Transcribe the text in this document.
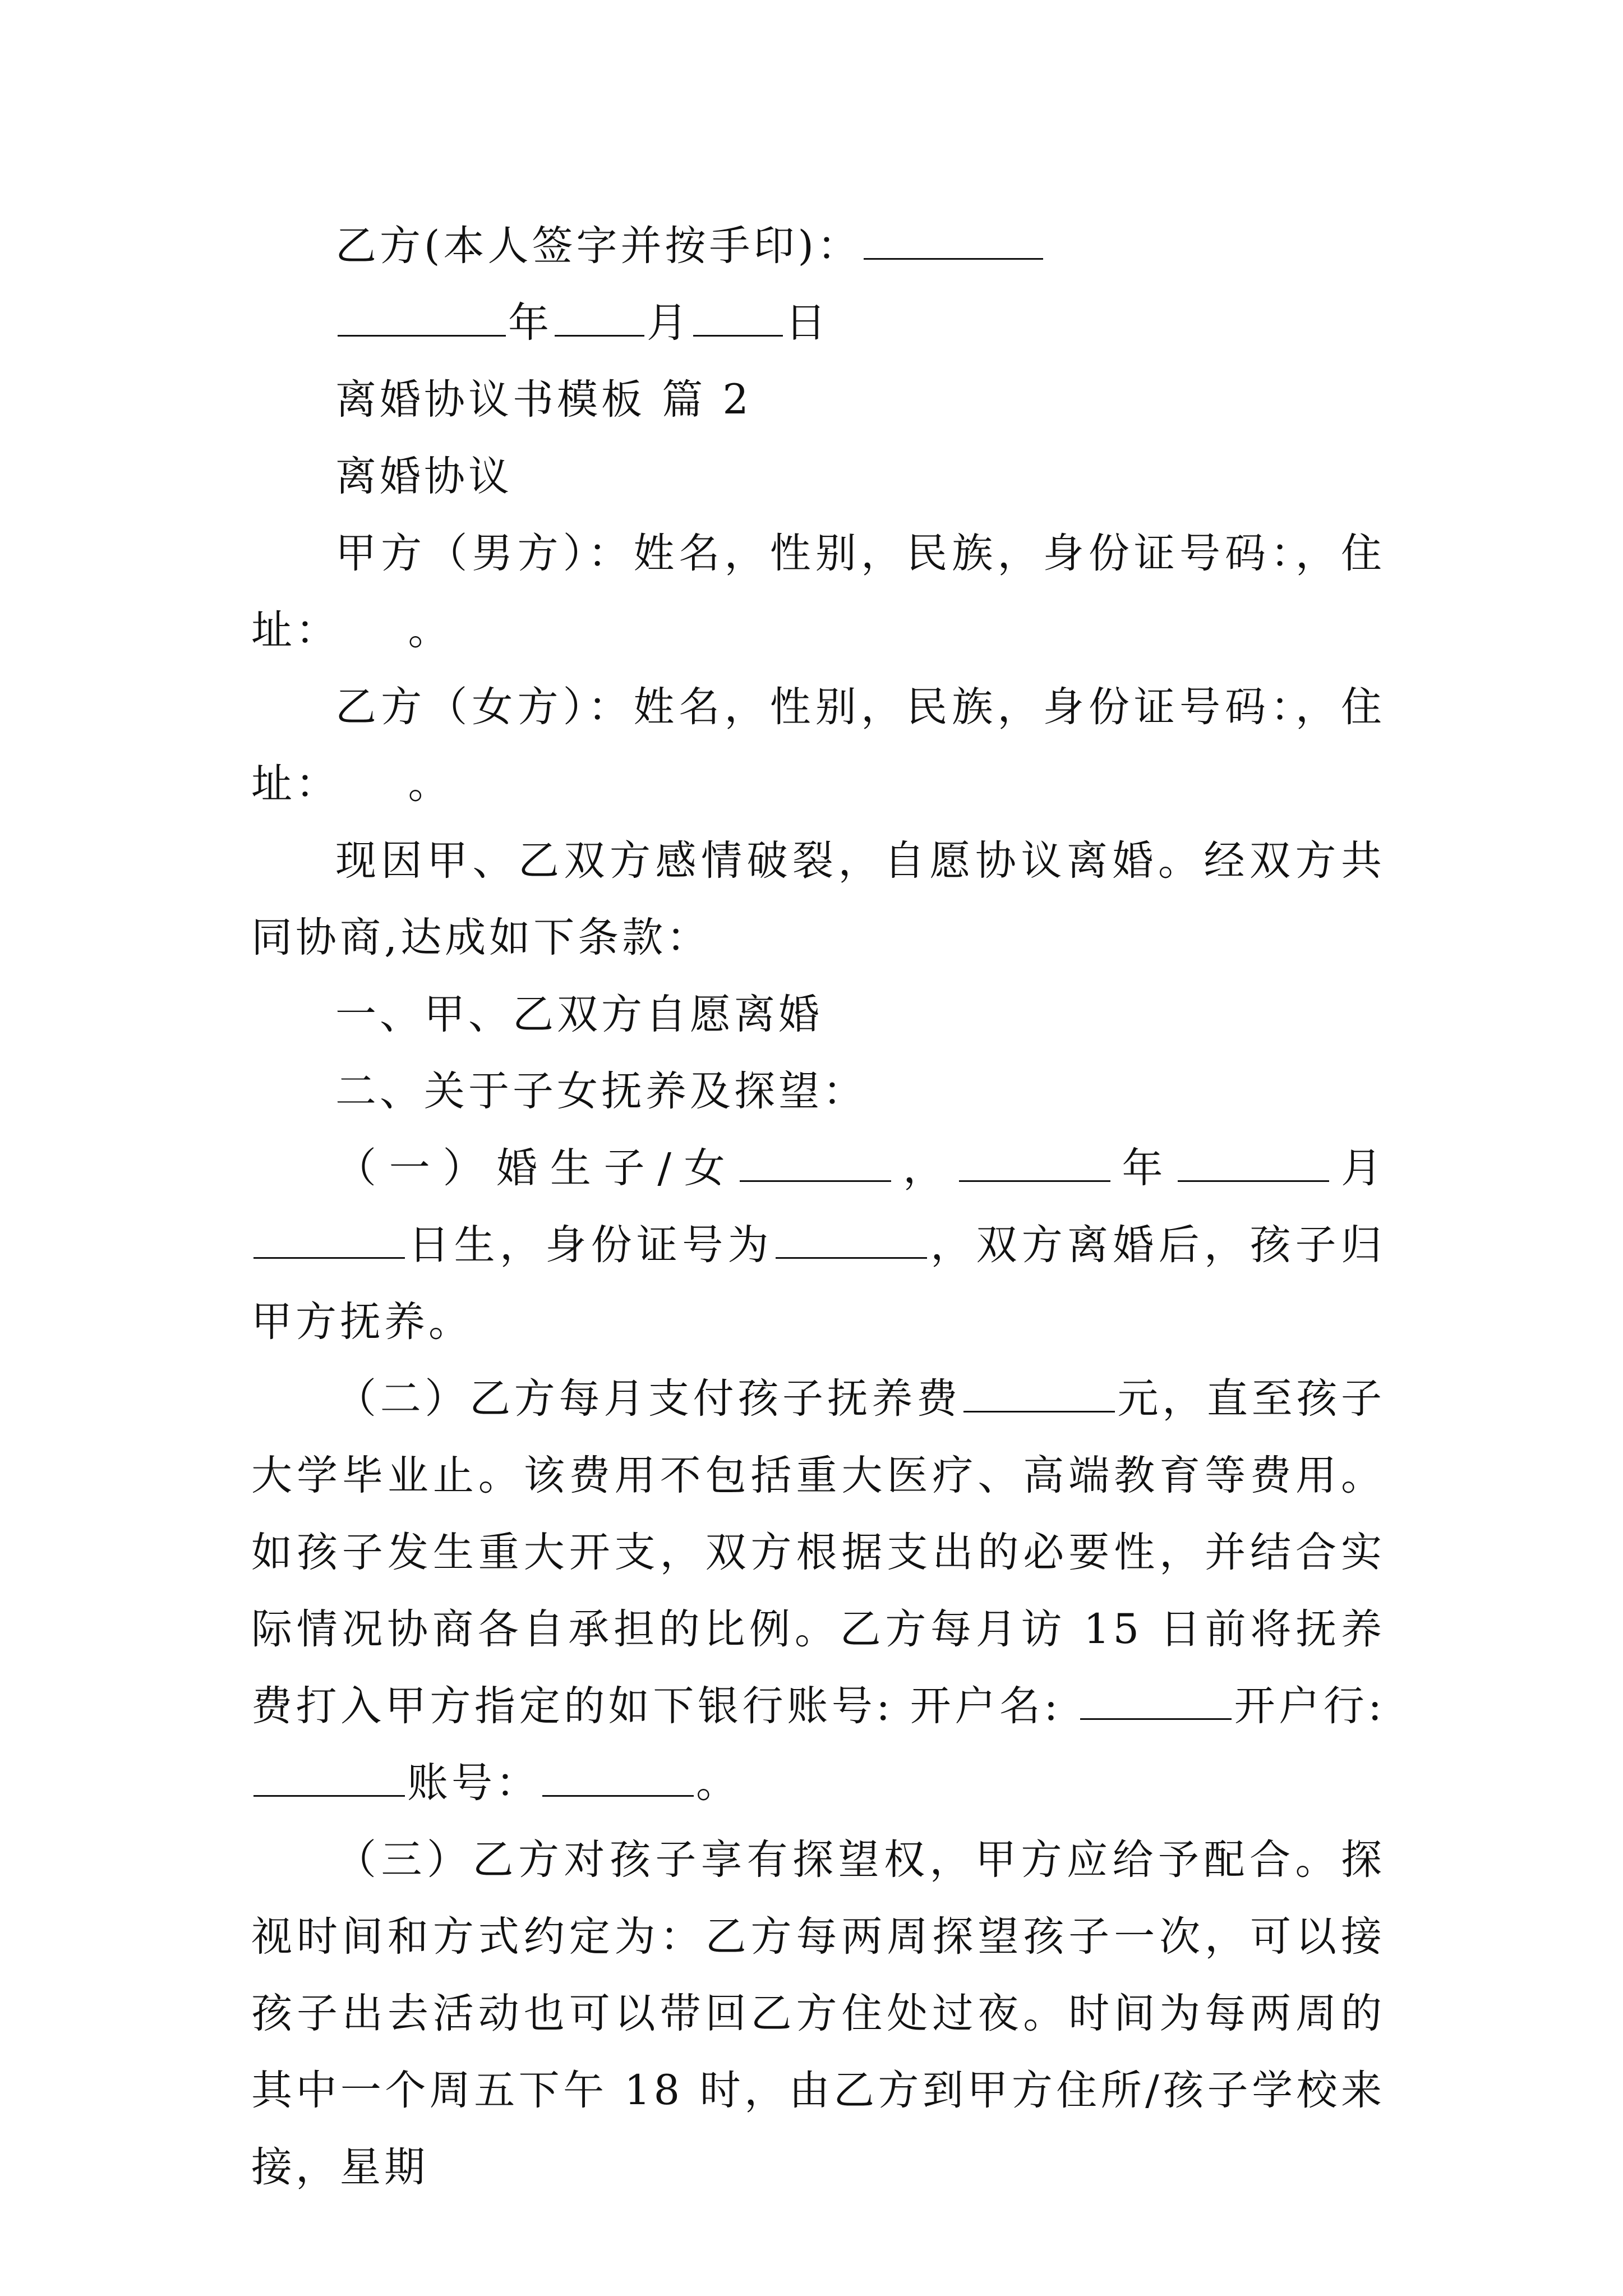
乙方(本人签字并按手印)：

年 月 日

离婚协议书模板 篇 2

离婚协议

甲方（男方）：姓名，性别，民族，身份证号码：，住址：　　。

乙方（女方）：姓名，性别，民族，身份证号码：，住址：　　。

现因甲、乙双方感情破裂，自愿协议离婚。经双方共同协商,达成如下条款：

一、甲、乙双方自愿离婚

二、关于子女抚养及探望：

（一）婚生子/女	，	年	月日生，身份证号为	，双方离婚后，孩子归甲方抚养。

（二）乙方每月支付孩子抚养费	元，直至孩子大学毕业止。该费用不包括重大医疗、高端教育等费用。如孩子发生重大开支，双方根据支出的必要性，并结合实际情况协商各自承担的比例。乙方每月访 15 日前将抚养费打入甲方指定的如下银行账号: 开户名:	开户行: 账号：	。

（三）乙方对孩子享有探望权，甲方应给予配合。探视时间和方式约定为：乙方每两周探望孩子一次，可以接孩子出去活动也可以带回乙方住处过夜。时间为每两周的其中一个周五下午 18 时，由乙方到甲方住所/孩子学校来接，星期
